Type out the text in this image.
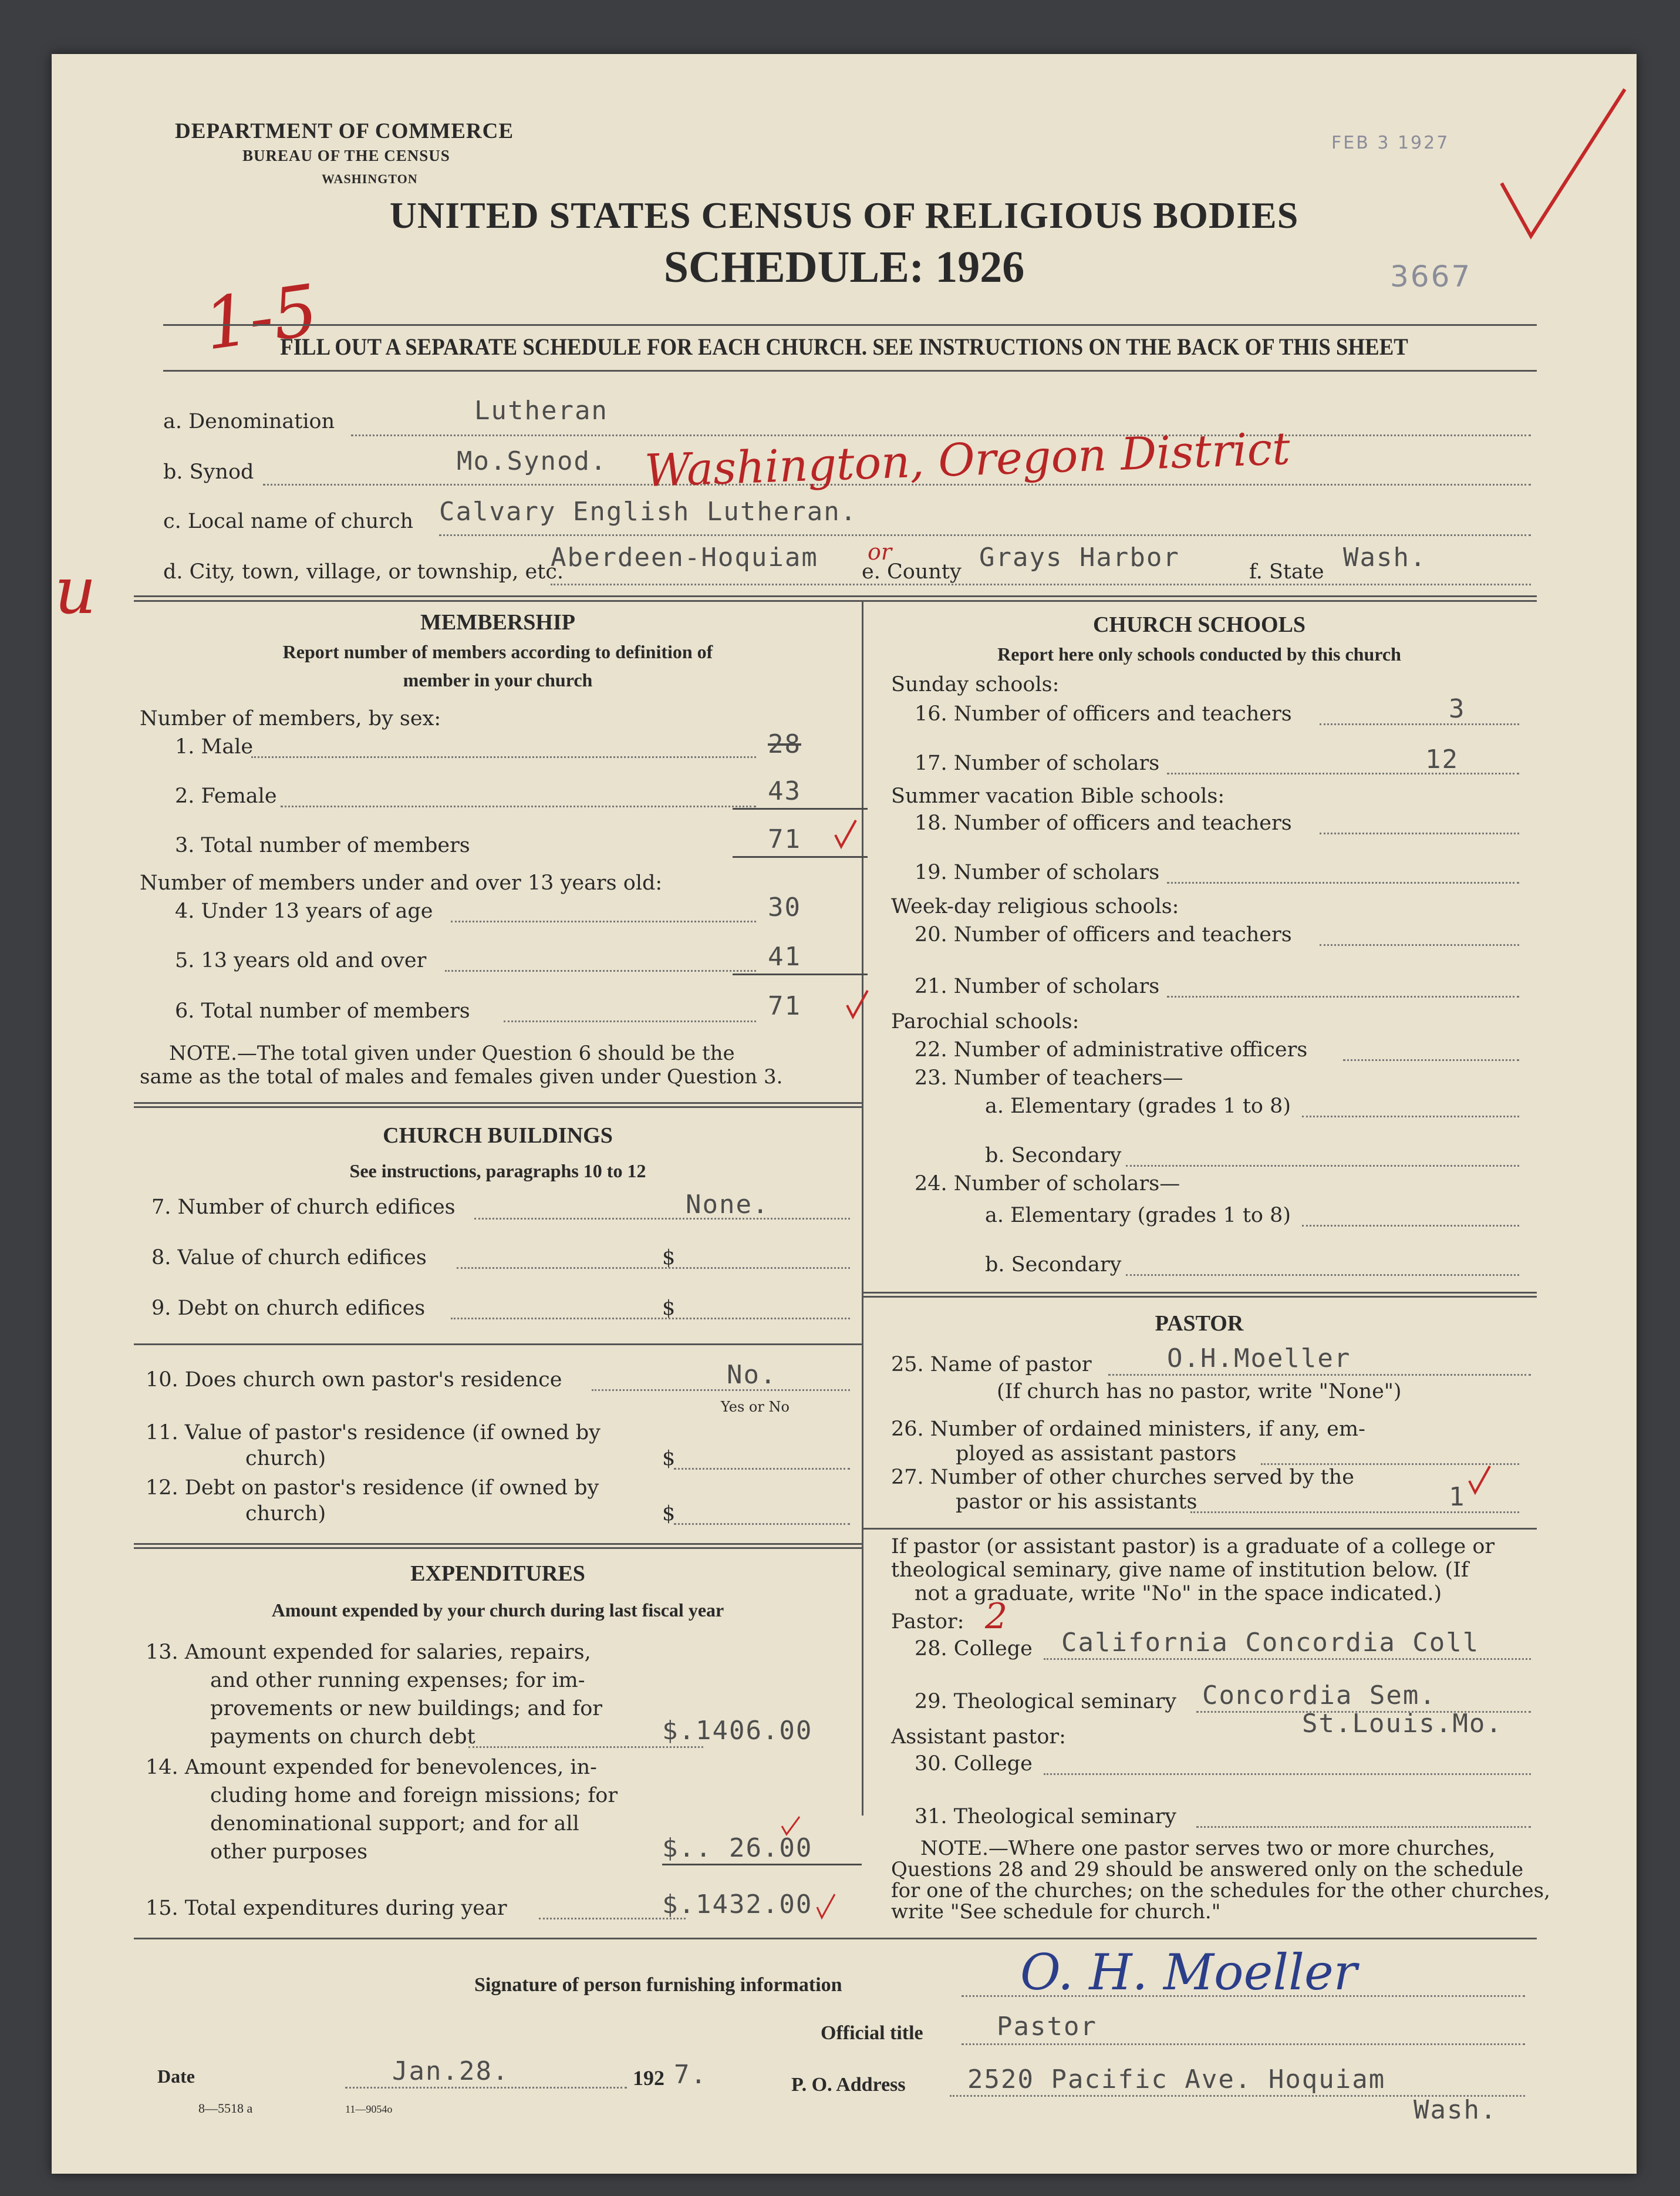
DEPARTMENT OF COMMERCE
BUREAU OF THE CENSUS
WASHINGTON
FEB 3 1927
UNITED STATES CENSUS OF RELIGIOUS BODIES
SCHEDULE: 1926	3667
1-5
u
FILL OUT A SEPARATE SCHEDULE FOR EACH CHURCH. SEE INSTRUCTIONS ON THE BACK OF THIS SHEET
a. Denomination	Lutheran
b. Synod	Mo.Synod. Washington, Oregon District
c. Local name of church Calvary English Lutheran.
d. City, town, village, or township, etc.
Aberdeen-Hoquiam or
e. County Grays Harbor	f. State Wash.
MEMBERSHIP
Report number of members according to definition of
member in your church
Number of members, by sex:
1. Male	28
2. Female	43
3. Total number of members	71
Number of members under and over 13 years old:
4. Under 13 years of age	30
5. 13 years old and over	41
6. Total number of members	71
NOTE.—The total given under Question 6 should be the
same as the total of males and females given under Question 3.
CHURCH BUILDINGS
See instructions, paragraphs 10 to 12
7. Number of church edifices	None.
8. Value of church edifices	$
9. Debt on church edifices	$
10. Does church own pastor's residence	No.
Yes or No
11. Value of pastor's residence (if owned by
church)	$
12. Debt on pastor's residence (if owned by
church)	$
EXPENDITURES
Amount expended by your church during last fiscal year
13. Amount expended for salaries, repairs,
and other running expenses; for im-
provements or new buildings; and for
payments on church debt	$.1406.00
14. Amount expended for benevolences, in-
cluding home and foreign missions; for
denominational support; and for all
other purposes	$.. 26.00
15. Total expenditures during year	$.1432.00
CHURCH SCHOOLS
Report here only schools conducted by this church
Sunday schools:
16. Number of officers and teachers	3
17. Number of scholars	12
Summer vacation Bible schools:
18. Number of officers and teachers
19. Number of scholars
Week-day religious schools:
20. Number of officers and teachers
21. Number of scholars
Parochial schools:
22. Number of administrative officers
23. Number of teachers—
a. Elementary (grades 1 to 8)
b. Secondary
24. Number of scholars—
a. Elementary (grades 1 to 8)
b. Secondary
PASTOR
25. Name of pastor	O.H.Moeller
(If church has no pastor, write "None")
26. Number of ordained ministers, if any, em-
ployed as assistant pastors
27. Number of other churches served by the
pastor or his assistants	1
If pastor (or assistant pastor) is a graduate of a college or
theological seminary, give name of institution below. (If
not a graduate, write "No" in the space indicated.)
Pastor: 2
28. College California Concordia Coll
29. Theological seminary Concordia Sem.
St.Louis.Mo.
Assistant pastor:
30. College
31. Theological seminary
NOTE.—Where one pastor serves two or more churches,
Questions 28 and 29 should be answered only on the schedule
for one of the churches; on the schedules for the other churches,
write "See schedule for church."
Signature of person furnishing information	O. H. Moeller
Official title	Pastor
Date	Jan.28.	192 7.	P. O. Address 2520 Pacific Ave. Hoquiam
Wash.
8—5518 a	11—9054o
